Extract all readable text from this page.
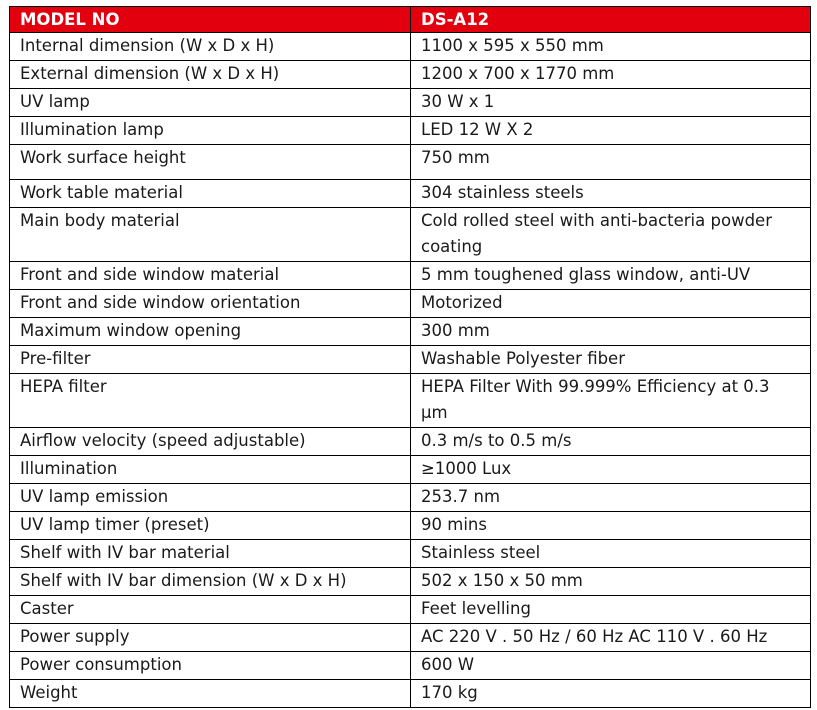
MODEL NO	DS-A12
Internal dimension (W x D x H)	1100 x 595 x 550 mm
External dimension (W x D x H)	1200 x 700 x 1770 mm
UV lamp	30 W x 1
Illumination lamp	LED 12 W X 2
Work surface height	750 mm
Work table material	304 stainless steels
Main body material	Cold rolled steel with anti-bacteria powder coating
Front and side window material	5 mm toughened glass window, anti-UV
Front and side window orientation	Motorized
Maximum window opening	300 mm
Pre-filter	Washable Polyester fiber
HEPA filter	HEPA Filter With 99.999% Efficiency at 0.3 µm
Airflow velocity (speed adjustable)	0.3 m/s to 0.5 m/s
Illumination	≥1000 Lux
UV lamp emission	253.7 nm
UV lamp timer (preset)	90 mins
Shelf with IV bar material	Stainless steel
Shelf with IV bar dimension (W x D x H)	502 x 150 x 50 mm
Caster	Feet levelling
Power supply	AC 220 V . 50 Hz / 60 Hz AC 110 V . 60 Hz
Power consumption	600 W
Weight	170 kg
